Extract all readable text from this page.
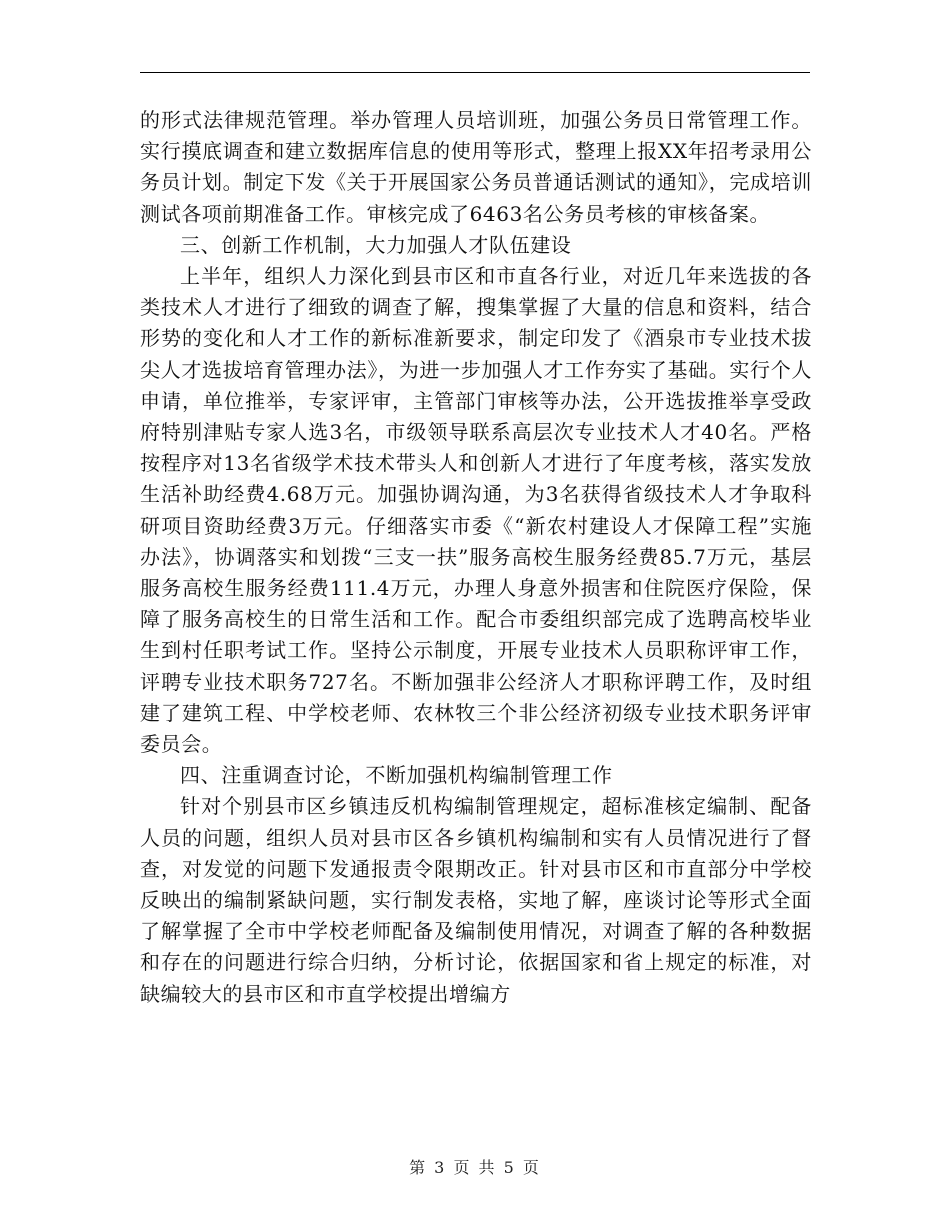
的形式法律规范管理。举办管理人员培训班，加强公务员日常管理工作。实行摸底调查和建立数据库信息的使用等形式，整理上报XX年招考录用公务员计划。制定下发《关于开展国家公务员普通话测试的通知》，完成培训测试各项前期准备工作。审核完成了6463名公务员考核的审核备案。

三、创新工作机制，大力加强人才队伍建设

上半年，组织人力深化到县市区和市直各行业，对近几年来选拔的各类技术人才进行了细致的调查了解，搜集掌握了大量的信息和资料，结合形势的变化和人才工作的新标准新要求，制定印发了《酒泉市专业技术拔尖人才选拔培育管理办法》，为进一步加强人才工作夯实了基础。实行个人申请，单位推举，专家评审，主管部门审核等办法，公开选拔推举享受政府特别津贴专家人选3名，市级领导联系高层次专业技术人才40名。严格按程序对13名省级学术技术带头人和创新人才进行了年度考核，落实发放生活补助经费4.68万元。加强协调沟通，为3名获得省级技术人才争取科研项目资助经费3万元。仔细落实市委《“新农村建设人才保障工程”实施办法》，协调落实和划拨“三支一扶”服务高校生服务经费85.7万元，基层服务高校生服务经费111.4万元，办理人身意外损害和住院医疗保险，保障了服务高校生的日常生活和工作。配合市委组织部完成了选聘高校毕业生到村任职考试工作。坚持公示制度，开展专业技术人员职称评审工作，评聘专业技术职务727名。不断加强非公经济人才职称评聘工作，及时组建了建筑工程、中学校老师、农林牧三个非公经济初级专业技术职务评审委员会。

四、注重调查讨论，不断加强机构编制管理工作

针对个别县市区乡镇违反机构编制管理规定，超标准核定编制、配备人员的问题，组织人员对县市区各乡镇机构编制和实有人员情况进行了督查，对发觉的问题下发通报责令限期改正。针对县市区和市直部分中学校反映出的编制紧缺问题，实行制发表格，实地了解，座谈讨论等形式全面了解掌握了全市中学校老师配备及编制使用情况，对调查了解的各种数据和存在的问题进行综合归纳，分析讨论，依据国家和省上规定的标准，对缺编较大的县市区和市直学校提出增编方

第 3 页 共 5 页
